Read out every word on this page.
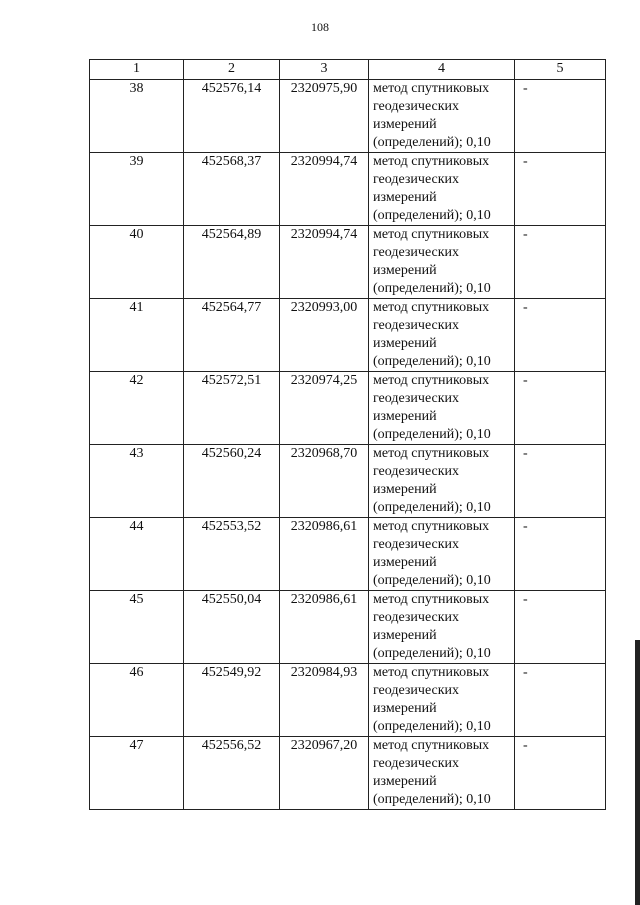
108
1	2	3	4	5
38	452576,14	2320975,90	метод спутниковых
геодезических
измерений
(определений); 0,10	-
39	452568,37	2320994,74	метод спутниковых
геодезических
измерений
(определений); 0,10	-
40	452564,89	2320994,74	метод спутниковых
геодезических
измерений
(определений); 0,10	-
41	452564,77	2320993,00	метод спутниковых
геодезических
измерений
(определений); 0,10	-
42	452572,51	2320974,25	метод спутниковых
геодезических
измерений
(определений); 0,10	-
43	452560,24	2320968,70	метод спутниковых
геодезических
измерений
(определений); 0,10	-
44	452553,52	2320986,61	метод спутниковых
геодезических
измерений
(определений); 0,10	-
45	452550,04	2320986,61	метод спутниковых
геодезических
измерений
(определений); 0,10	-
46	452549,92	2320984,93	метод спутниковых
геодезических
измерений
(определений); 0,10	-
47	452556,52	2320967,20	метод спутниковых
геодезических
измерений
(определений); 0,10	-
